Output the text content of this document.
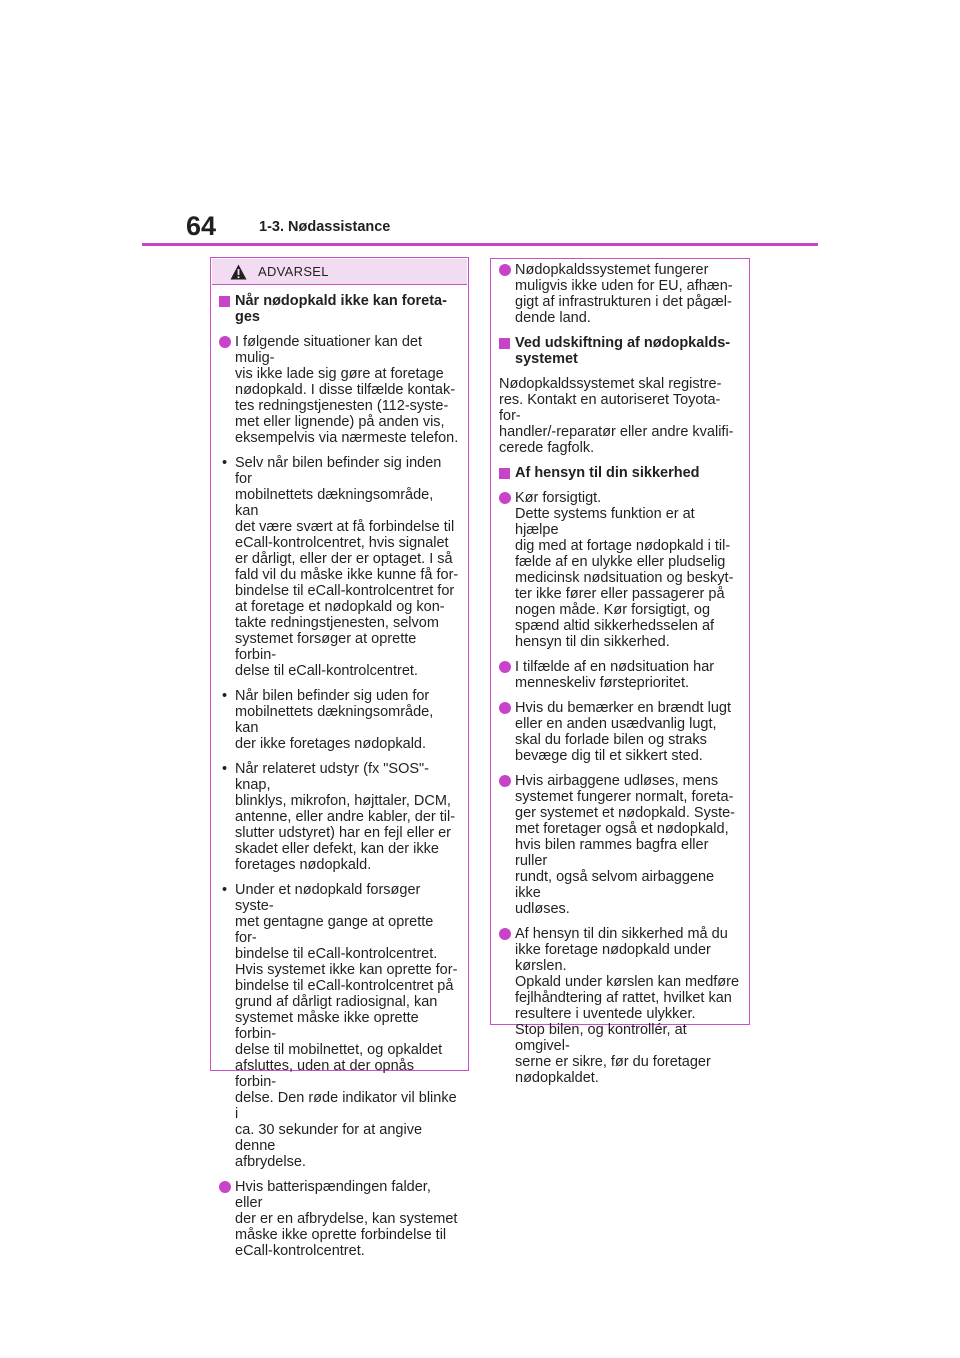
64	1-3. Nødassistance
ADVARSEL
Når nødopkald ikke kan foreta-
ges
I følgende situationer kan det mulig-
vis ikke lade sig gøre at foretage
nødopkald. I disse tilfælde kontak-
tes redningstjenesten (112-syste-
met eller lignende) på anden vis,
eksempelvis via nærmeste telefon.
• Selv når bilen befinder sig inden for
mobilnettets dækningsområde, kan
det være svært at få forbindelse til
eCall-kontrolcentret, hvis signalet
er dårligt, eller der er optaget. I så
fald vil du måske ikke kunne få for-
bindelse til eCall-kontrolcentret for
at foretage et nødopkald og kon-
takte redningstjenesten, selvom
systemet forsøger at oprette forbin-
delse til eCall-kontrolcentret.
• Når bilen befinder sig uden for
mobilnettets dækningsområde, kan
der ikke foretages nødopkald.
• Når relateret udstyr (fx "SOS"-knap,
blinklys, mikrofon, højttaler, DCM,
antenne, eller andre kabler, der til-
slutter udstyret) har en fejl eller er
skadet eller defekt, kan der ikke
foretages nødopkald.
• Under et nødopkald forsøger syste-
met gentagne gange at oprette for-
bindelse til eCall-kontrolcentret.
Hvis systemet ikke kan oprette for-
bindelse til eCall-kontrolcentret på
grund af dårligt radiosignal, kan
systemet måske ikke oprette forbin-
delse til mobilnettet, og opkaldet
afsluttes, uden at der opnås forbin-
delse. Den røde indikator vil blinke i
ca. 30 sekunder for at angive denne
afbrydelse.
Hvis batterispændingen falder, eller
der er en afbrydelse, kan systemet
måske ikke oprette forbindelse til
eCall-kontrolcentret.
Nødopkaldssystemet fungerer
muligvis ikke uden for EU, afhæn-
gigt af infrastrukturen i det pågæl-
dende land.
Ved udskiftning af nødopkalds-
systemet
Nødopkaldssystemet skal registre-
res. Kontakt en autoriseret Toyota-for-
handler/-reparatør eller andre kvalifi-
cerede fagfolk.
Af hensyn til din sikkerhed
Kør forsigtigt.
Dette systems funktion er at hjælpe
dig med at fortage nødopkald i til-
fælde af en ulykke eller pludselig
medicinsk nødsituation og beskyt-
ter ikke fører eller passagerer på
nogen måde. Kør forsigtigt, og
spænd altid sikkerhedsselen af
hensyn til din sikkerhed.
I tilfælde af en nødsituation har
menneskeliv førsteprioritet.
Hvis du bemærker en brændt lugt
eller en anden usædvanlig lugt,
skal du forlade bilen og straks
bevæge dig til et sikkert sted.
Hvis airbaggene udløses, mens
systemet fungerer normalt, foreta-
ger systemet et nødopkald. Syste-
met foretager også et nødopkald,
hvis bilen rammes bagfra eller ruller
rundt, også selvom airbaggene ikke
udløses.
Af hensyn til din sikkerhed må du
ikke foretage nødopkald under
kørslen.
Opkald under kørslen kan medføre
fejlhåndtering af rattet, hvilket kan
resultere i uventede ulykker.
Stop bilen, og kontrollér, at omgivel-
serne er sikre, før du foretager
nødopkaldet.
